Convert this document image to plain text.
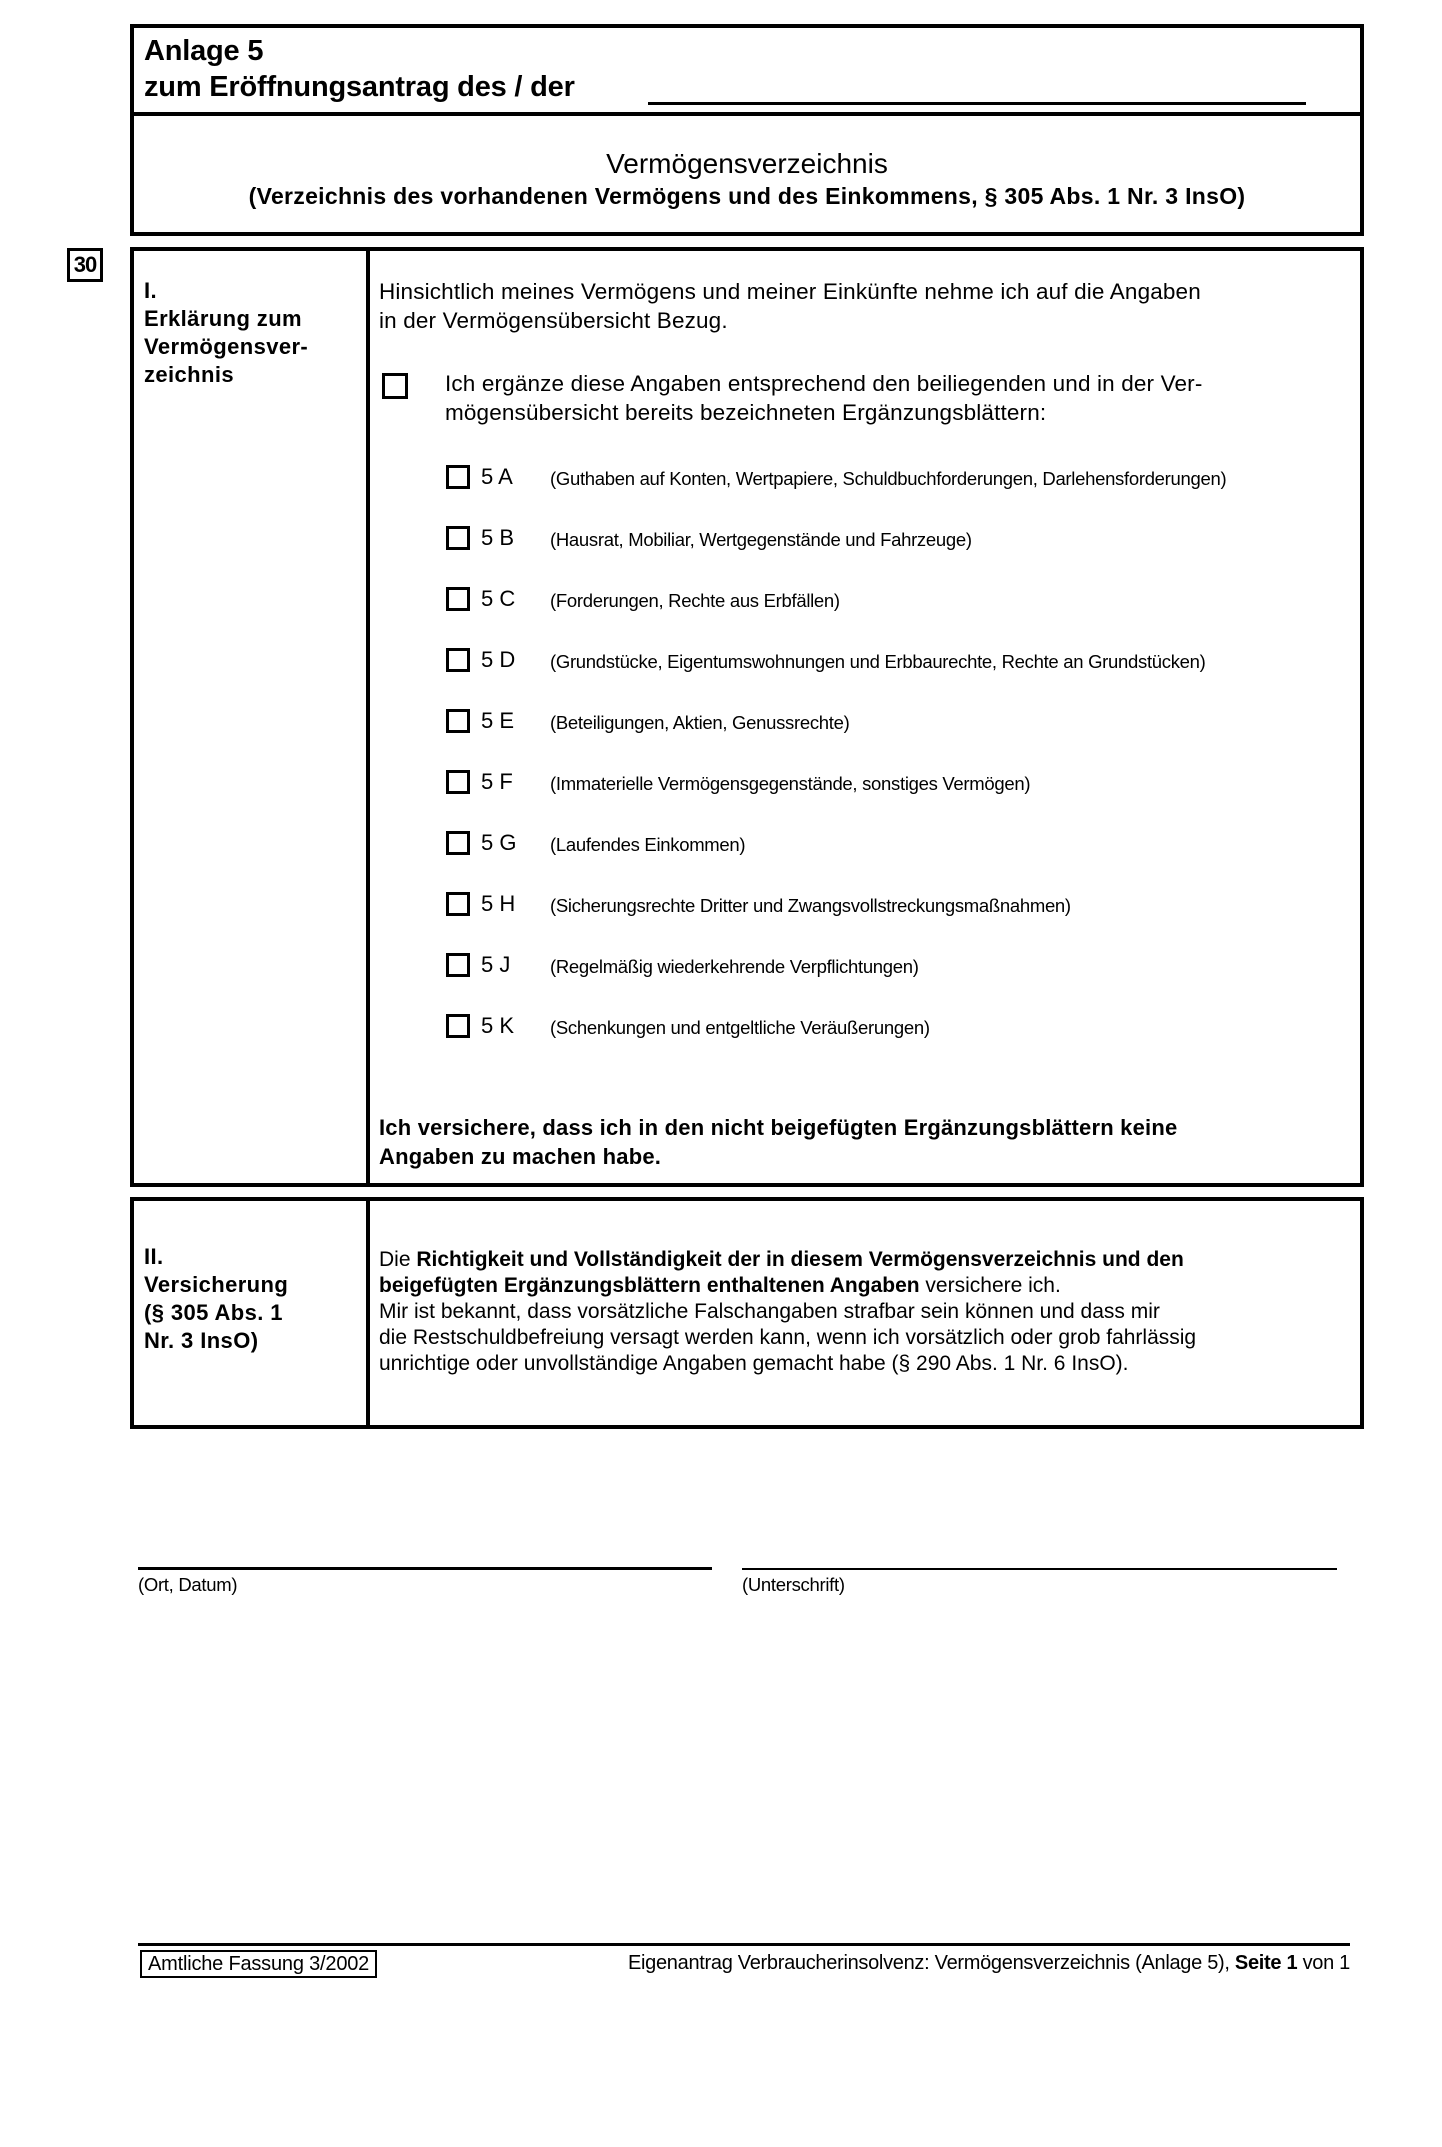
Anlage 5
zum Eröffnungsantrag des / der
Vermögensverzeichnis
(Verzeichnis des vorhandenen Vermögens und des Einkommens, § 305 Abs. 1 Nr. 3 InsO)
30
I.
Erklärung zum
Vermögensver-
zeichnis
Hinsichtlich meines Vermögens und meiner Einkünfte nehme ich auf die Angaben
in der Vermögensübersicht Bezug.
Ich ergänze diese Angaben entsprechend den beiliegenden und in der Ver-
mögensübersicht bereits bezeichneten Ergänzungsblättern:
5 A (Guthaben auf Konten, Wertpapiere, Schuldbuchforderungen, Darlehensforderungen)
5 B (Hausrat, Mobiliar, Wertgegenstände und Fahrzeuge)
5 C (Forderungen, Rechte aus Erbfällen)
5 D (Grundstücke, Eigentumswohnungen und Erbbaurechte, Rechte an Grundstücken)
5 E (Beteiligungen, Aktien, Genussrechte)
5 F (Immaterielle Vermögensgegenstände, sonstiges Vermögen)
5 G (Laufendes Einkommen)
5 H (Sicherungsrechte Dritter und Zwangsvollstreckungsmaßnahmen)
5 J (Regelmäßig wiederkehrende Verpflichtungen)
5 K (Schenkungen und entgeltliche Veräußerungen)
Ich versichere, dass ich in den nicht beigefügten Ergänzungsblättern keine
Angaben zu machen habe.
II.
Versicherung
(§ 305 Abs. 1
Nr. 3 InsO)
Die Richtigkeit und Vollständigkeit der in diesem Vermögensverzeichnis und den
beigefügten Ergänzungsblättern enthaltenen Angaben versichere ich.
Mir ist bekannt, dass vorsätzliche Falschangaben strafbar sein können und dass mir
die Restschuldbefreiung versagt werden kann, wenn ich vorsätzlich oder grob fahrlässig
unrichtige oder unvollständige Angaben gemacht habe (§ 290 Abs. 1 Nr. 6 InsO).
(Ort, Datum)	(Unterschrift)
Amtliche Fassung 3/2002	Eigenantrag Verbraucherinsolvenz: Vermögensverzeichnis (Anlage 5), Seite 1 von 1
